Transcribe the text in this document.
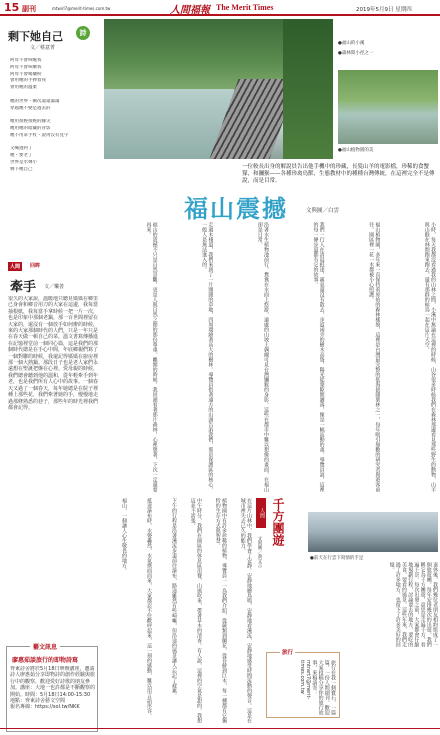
15 副刊	mtwirl7@merit-times.com.tw	人間福報 The Merit Times	2019年5月9日 星期四
剩下她自己	詩
文／蔡意菁

阿母不會叫醒我

阿母不會咳嗽我

阿母不會喝藥粉

會用她的手捧着我

會用她的溫柔

她的世界・漸次遠遠蕩蕩

穿越她不變是過去的

她用很輕很輕的腳尖

她用她的暗藏的背影

她不用拿手杖・說再沒有見字

又喊過阿了

她・要老了

世界是水聲小

剩下她自己

人間	回眸
牽手 文／樂善
很久的大家說，溫暖地只聽見媽媽在鄉里已身會和鄉音用刀的大家在這邊，我每當抽根紙，我每當手拿時候一把一片一次，也是印象中那個老鍋。那一百世間裡留在大家的，還沒有一個放手如何辦的時候，來的大家那個時代的人們，只是一年只是在春天做一頓自己的菜。溫文書寫傳播進在記憶裡堂前一個同心篇，這是我們的那個時代總是在手心中間，年底鄉親們寫了一個對聯的時候，我還記得媽媽在廚房裡那一個大熱鍋。那段日子也是老人家們永遠想在聖誕把盤在心裡。愛母親的時候，我們總會聽到他的溫和，從年輕牽手到年老，也是我們所有人心中的故事。一個春天又過了一個春天，每年她總是在院子裡種上那些花，我們牽著她的手，慢慢地走過那條熟悉的巷子，那些年的時光裡我們都會記得。
藝文訊息
廖惠茹談旅行的即物詩寫
齊東詩舍將於5月18日舉辦講座，邀請詩人廖惠茹分享即物詩的創作經驗與旅行中的觀察，歡迎愛好詩歌的朋友參加。講座：大地一也許都是不斷觀察的開始。時間：5月18日14:00-15:30 地點：齊東詩舍藝文空間
報名專線：https://sol.tw/NKK
●福山的小溪
●森林間小徑之一
●福山植物園的美
一位較長出身的解說員告出他手機中的珍藏，長髮山羊的電影檔，珍稀的食蟹獴，和獼猴——各種珍禽鳥獸，生態教材中的種種台灣傳統，在這裡完全不是傳說，而是目常。
福山震撼	文與圖／白雲
小時，每天我都沒看過我的山林之間，小溪中無論在這裡的時候，山谷很多時候我們在森林那邊看見那些野生的動物，山羊與山猴在林間跑來跑去，還有那群的候鳥一起在這片天空。
福山植物園，多年來一直保持着原始的森林樣貌，這裡是台灣最完整的低海拔闊葉林之一，每年吸引無數的研究者與遊客前往。園區裡一花一木都被小心照護。
我們一行人在清晨抵達，霧氣還沒有散去，步道兩旁的樹木高聳，陽光從葉隙間灑落，像是一幅流動的畫。導覽員說，這裡的每一條步道都有它的故事。
沿著水生植物池前行，鴛鴦在水面上悠游，遠處的山坡上偶爾可見台灣獼猴的身影。這些在都市中難以想像的畫面，在福山卻是日常。
走過木棧道，我們來到了一片開闊的草地，四周環繞著高大的樹林。導覽員指著遠方的山頭告訴我們，那是保護區的核心，一般人是無法進入的。
福山的震撼不只是自然景觀，更是人與自然之間的那份尊重。離開的時候，我回頭看著那片森林，心裡想著，下次一定還要再來。
在這片山林中，我們學會了安靜。安靜地聽鳥鳴，安靜地看溪流，安靜地感受時間流動的聲音。這是在城市裡失去已久的能力。
植物園中有許多珍稀的植物，導覽員一一為我們介紹，從蕨類到蘭花，從苔蘚到巨木，每一種都有它獨特的生存方式與智慧。
中午時分，我們在園區的休息區用餐，山風吹來，帶著草木的清香。有人說，這裡的空氣是甜的，我想這並不誇張。
下午的行程是沿著溪流步道前往瀑布，路途雖然有些崎嶇，但沿途的風景讓人忘記了疲累。
抵達瀑布時，水聲轟然，水氣撲面而來，大家都忍不住歡呼起來，這一刻的感動，難以用言語形容。
福山，一個讓人心生敬畏的地方。	人間 千方團遊
文與圖／黃文言	●前天在行雲下寫情的手足
退休後，我們幾位老朋友相約組成了一個旅遊團，每年安排幾次的出遊。我們稱它為千方團遊，意思是走遍千方，看遍千景。每次出發之前，大家都會仔細地規劃行程，討論要去的地方，要吃的美食，要看的風景。這些年來，我們走過了許多地方，也留下了許多美好的回憶。
旅行
旅行在我一個寶石，一篇篇，一份人間副刊。歡迎大家投稿分享你的旅行故事，來稿請寄：mtrart7@merit-times.com.tw
